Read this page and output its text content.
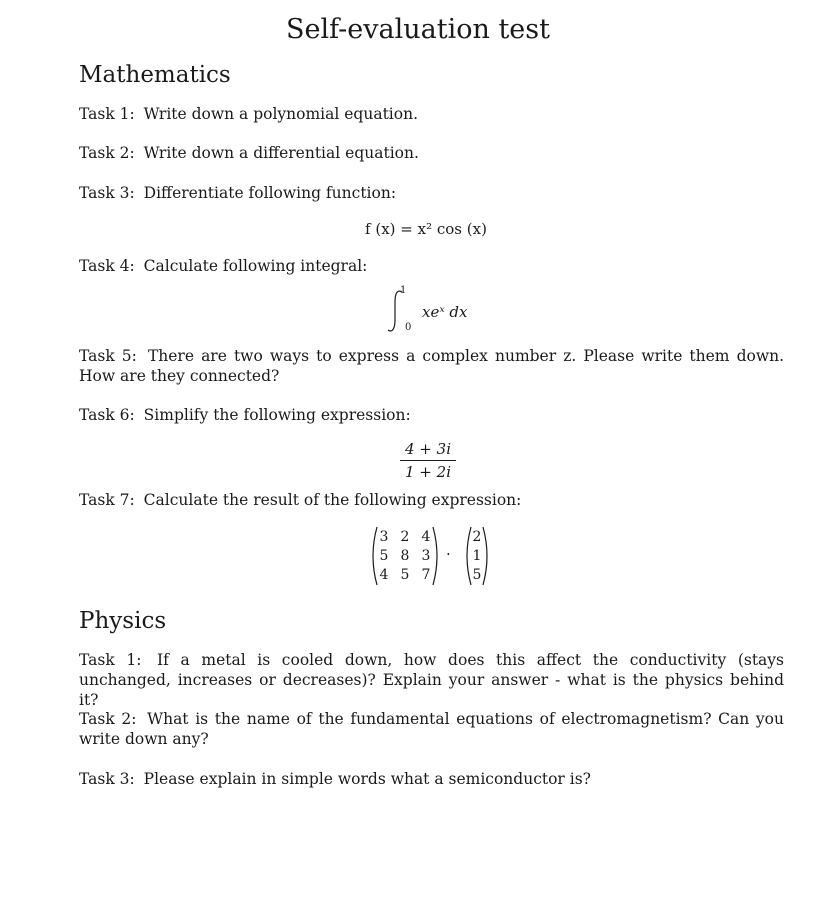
Self-evaluation test
Mathematics
Task 1: Write down a polynomial equation.
Task 2: Write down a differential equation.
Task 3: Differentiate following function:
f (x) = x² cos (x)
Task 4: Calculate following integral:
1
0
xeˣ dx
Task 5: There are two ways to express a complex number z. Please write them down. How are they connected?
Task 6: Simplify the following expression:
4 + 3i
1 + 2i
Task 7: Calculate the result of the following expression:
3 2 4
5 8 3
4 5 7
·
2
1
5
Physics
Task 1: If a metal is cooled down, how does this affect the conductivity (stays unchanged, increases or decreases)? Explain your answer - what is the physics behind it?
Task 2: What is the name of the fundamental equations of electromagnetism? Can you write down any?
Task 3: Please explain in simple words what a semiconductor is?
